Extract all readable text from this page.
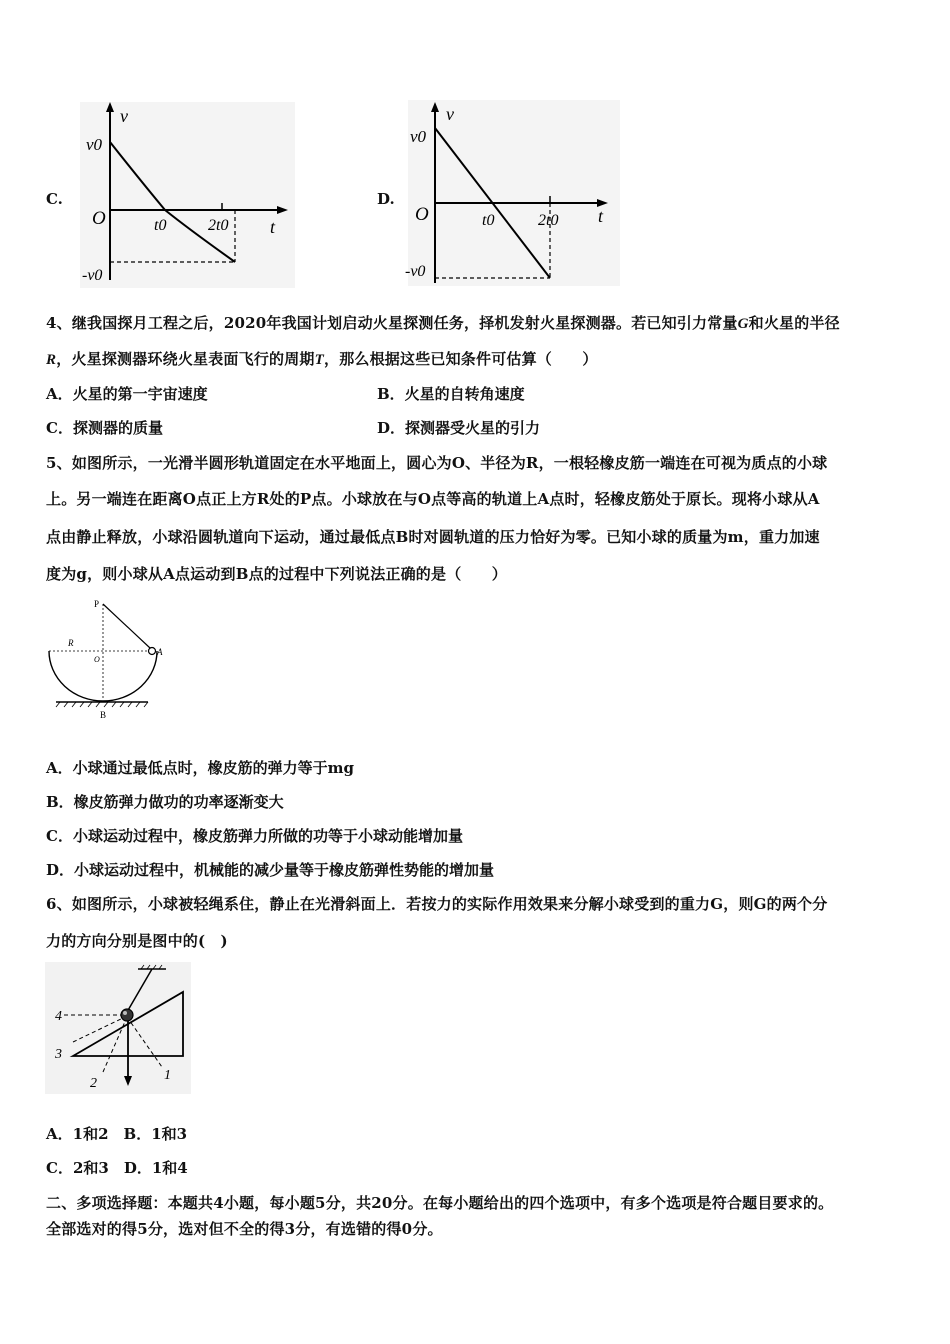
C.
v
v0
O	t0	2t0 t
-v0
D.
v
v0
O	t0	2t0 t
-v0
4、继我国探月工程之后，2020年我国计划启动火星探测任务，择机发射火星探测器。若已知引力常量G和火星的半径
R，火星探测器环绕火星表面飞行的周期T，那么根据这些已知条件可估算（　　）
A．火星的第一宇宙速度	B．火星的自转角速度
C．探测器的质量	D．探测器受火星的引力
5、如图所示，一光滑半圆形轨道固定在水平地面上，圆心为O、半径为R，一根轻橡皮筋一端连在可视为质点的小球
上。另一端连在距离O点正上方R处的P点。小球放在与O点等高的轨道上A点时，轻橡皮筋处于原长。现将小球从A
点由静止释放，小球沿圆轨道向下运动，通过最低点B时对圆轨道的压力恰好为零。已知小球的质量为m，重力加速
度为g，则小球从A点运动到B点的过程中下列说法正确的是（　　）
P
R
O
A
B
A．小球通过最低点时，橡皮筋的弹力等于mg
B．橡皮筋弹力做功的功率逐渐变大
C．小球运动过程中，橡皮筋弹力所做的功等于小球动能增加量
D．小球运动过程中，机械能的减少量等于橡皮筋弹性势能的增加量
6、如图所示，小球被轻绳系住，静止在光滑斜面上．若按力的实际作用效果来分解小球受到的重力G，则G的两个分
力的方向分别是图中的(　)
4
3
2
1
A．1和2　B．1和3
C．2和3　D．1和4
二、多项选择题：本题共4小题，每小题5分，共20分。在每小题给出的四个选项中，有多个选项是符合题目要求的。
全部选对的得5分，选对但不全的得3分，有选错的得0分。
